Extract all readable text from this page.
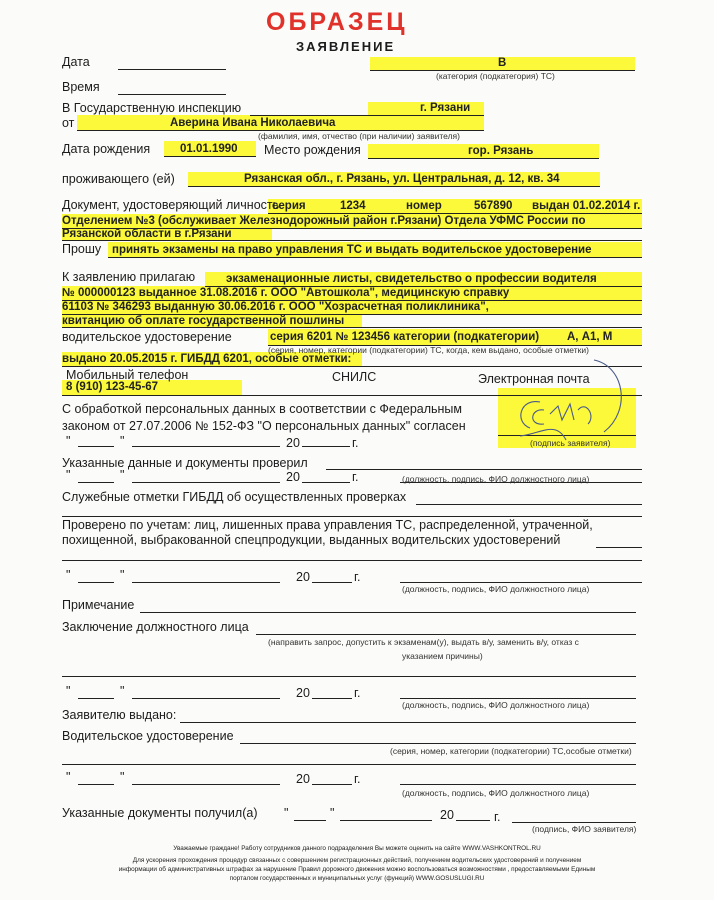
ОБРАЗЕЦ
ЗАЯВЛЕНИЕ
Дата	В
(категория (подкатегория) ТС)
Время
В Государственную инспекцию	г. Рязани
от	Аверина Ивана Николаевича
(фамилия, имя, отчество (при наличии) заявителя)
Дата рождения	01.01.1990 Место рождения	гор. Рязань
проживающего (ей)	Рязанская обл., г. Рязань, ул. Центральная, д. 12, кв. 34
Документ, удостоверяющий личность
серия	1234	номер	567890 выдан 01.02.2014 г.
Отделением №3 (обслуживает Железнодорожный район г.Рязани) Отдела УФМС России по
Рязанской области в г.Рязани
Прошу принять экзамены на право управления ТС и выдать водительское удостоверение
К заявлению прилагаю	экзаменационные листы, свидетельство о профессии водителя
№ 000000123 выданное 31.08.2016 г. ООО "Автошкола", медицинскую справку
61103 № 346293 выданную 30.06.2016 г. ООО "Хозрасчетная поликлиника",
квитанцию об оплате государственной пошлины
водительское удостоверение	серия 6201 № 123456 категории (подкатегории) А, А1, М
(серия, номер, категории (подкатегории) ТС, когда, кем выдано, особые отметки)
выдано 20.05.2015 г. ГИБДД 6201, особые отметки:
Мобильный телефон	СНИЛС	Электронная почта
8 (910) 123-45-67
С обработкой персональных данных в соответствии с Федеральным
законом от 27.07.2006 № 152-ФЗ "О персональных данных" согласен
"	"	20	г.	(подпись заявителя)
Указанные данные и документы проверил
"	"	20	г.	(должность, подпись, ФИО должностного лица)
Служебные отметки ГИБДД об осуществленных проверках
Проверено по учетам: лиц, лишенных права управления ТС, распределенной, утраченной,
похищенной, выбракованной спецпродукции, выданных водительских удостоверений
"	"	20	г.
(должность, подпись, ФИО должностного лица)
Примечание
Заключение должностного лица
(направить запрос, допустить к экзаменам(у), выдать в/у, заменить в/у, отказ с
указанием причины)
"	"	20	г.
(должность, подпись, ФИО должностного лица)
Заявителю выдано:
Водительское удостоверение
(серия, номер, категории (подкатегории) ТС,особые отметки)
"	"	20	г.
(должность, подпись, ФИО должностного лица)
Указанные документы получил(а) "	"	20	г.
(подпись, ФИО заявителя)
Уважаемые граждане! Работу сотрудников данного подразделения Вы можете оценить на сайте WWW.VASHKONTROL.RU
Для ускорения прохождения процедур связанных с совершением регистрационных действий, получением водительских удостоверений и получением
информации об административных штрафах за нарушение Правил дорожного движения можно воспользоваться возможностями , предоставляемыми Единым
порталом государственных и муниципальных услуг (функций) WWW.GOSUSLUGI.RU
